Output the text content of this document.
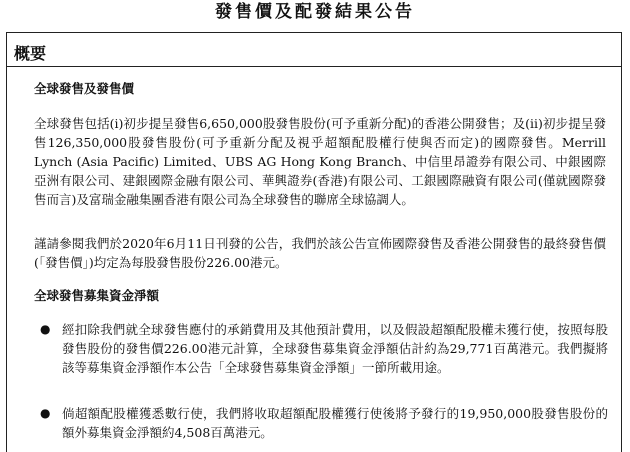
發售價及配發結果公告
概要
全球發售及發售價

全球發售包括(i)初步提呈發售6,650,000股發售股份(可予重新分配)的香港公開發售；及(ii)初步提呈發售126,350,000股發售股份(可予重新分配及視乎超額配股權行使與否而定)的國際發售。Merrill Lynch (Asia Pacific) Limited、UBS AG Hong Kong Branch、中信里昂證券有限公司、中銀國際亞洲有限公司、建銀國際金融有限公司、華興證券(香港)有限公司、工銀國際融資有限公司(僅就國際發售而言)及富瑞金融集團香港有限公司為全球發售的聯席全球協調人。

謹請參閱我們於2020年6月11日刊發的公告，我們於該公告宣佈國際發售及香港公開發售的最終發售價(「發售價」)均定為每股發售股份226.00港元。

全球發售募集資金淨額
● 經扣除我們就全球發售應付的承銷費用及其他預計費用，以及假設超額配股權未獲行使，按照每股發售股份的發售價226.00港元計算，全球發售募集資金淨額估計約為29,771百萬港元。我們擬將該等募集資金淨額作本公告「全球發售募集資金淨額」一節所載用途。

● 倘超額配股權獲悉數行使，我們將收取超額配股權獲行使後將予發行的19,950,000股發售股份的額外募集資金淨額約4,508百萬港元。
